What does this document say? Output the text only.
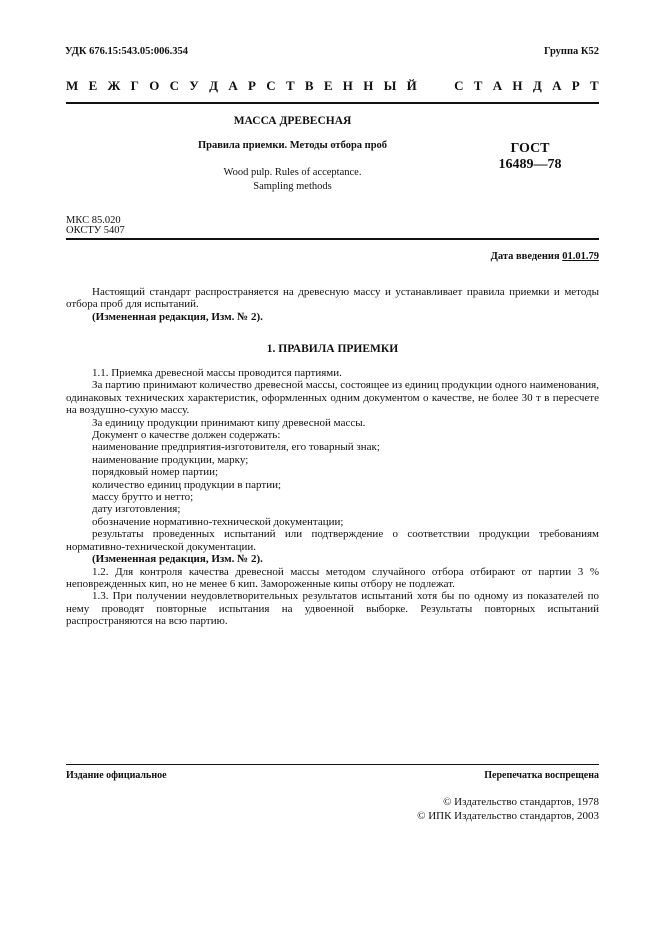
УДК 676.15:543.05:006.354	Группа К52
М Е Ж Г О С У Д А Р С Т В Е Н Н Ы Й

	С Т А Н Д А Р Т
МАССА ДРЕВЕСНАЯ
Правила приемки. Методы отбора проб
Wood pulp. Rules of acceptance.
Sampling methods
ГОСТ
16489—78
МКС 85.020
ОКСТУ 5407
Дата введения 01.01.79

Настоящий стандарт распространяется на древесную массу и устанавливает правила приемки и методы отбора проб для испытаний.

(Измененная редакция, Изм. № 2).

1. ПРАВИЛА ПРИЕМКИ

1.1. Приемка древесной массы проводится партиями.

За партию принимают количество древесной массы, состоящее из единиц продукции одного наименования, одинаковых технических характеристик, оформленных одним документом о качестве, не более 30 т в пересчете на воздушно-сухую массу.

За единицу продукции принимают кипу древесной массы.

Документ о качестве должен содержать:

наименование предприятия-изготовителя, его товарный знак;

наименование продукции, марку;

порядковый номер партии;

количество единиц продукции в партии;

массу брутто и нетто;

дату изготовления;

обозначение нормативно-технической документации;

результаты проведенных испытаний или подтверждение о соответствии продукции требованиям нормативно-технической документации.

(Измененная редакция, Изм. № 2).

1.2. Для контроля качества древесной массы методом случайного отбора отбирают от партии 3 % неповрежденных кип, но не менее 6 кип. Замороженные кипы отбору не подлежат.

1.3. При получении неудовлетворительных результатов испытаний хотя бы по одному из показателей по нему проводят повторные испытания на удвоенной выборке. Результаты повторных испытаний распространяются на всю партию.

Издание официальное	Перепечатка воспрещена
© Издательство стандартов, 1978
© ИПК Издательство стандартов, 2003
